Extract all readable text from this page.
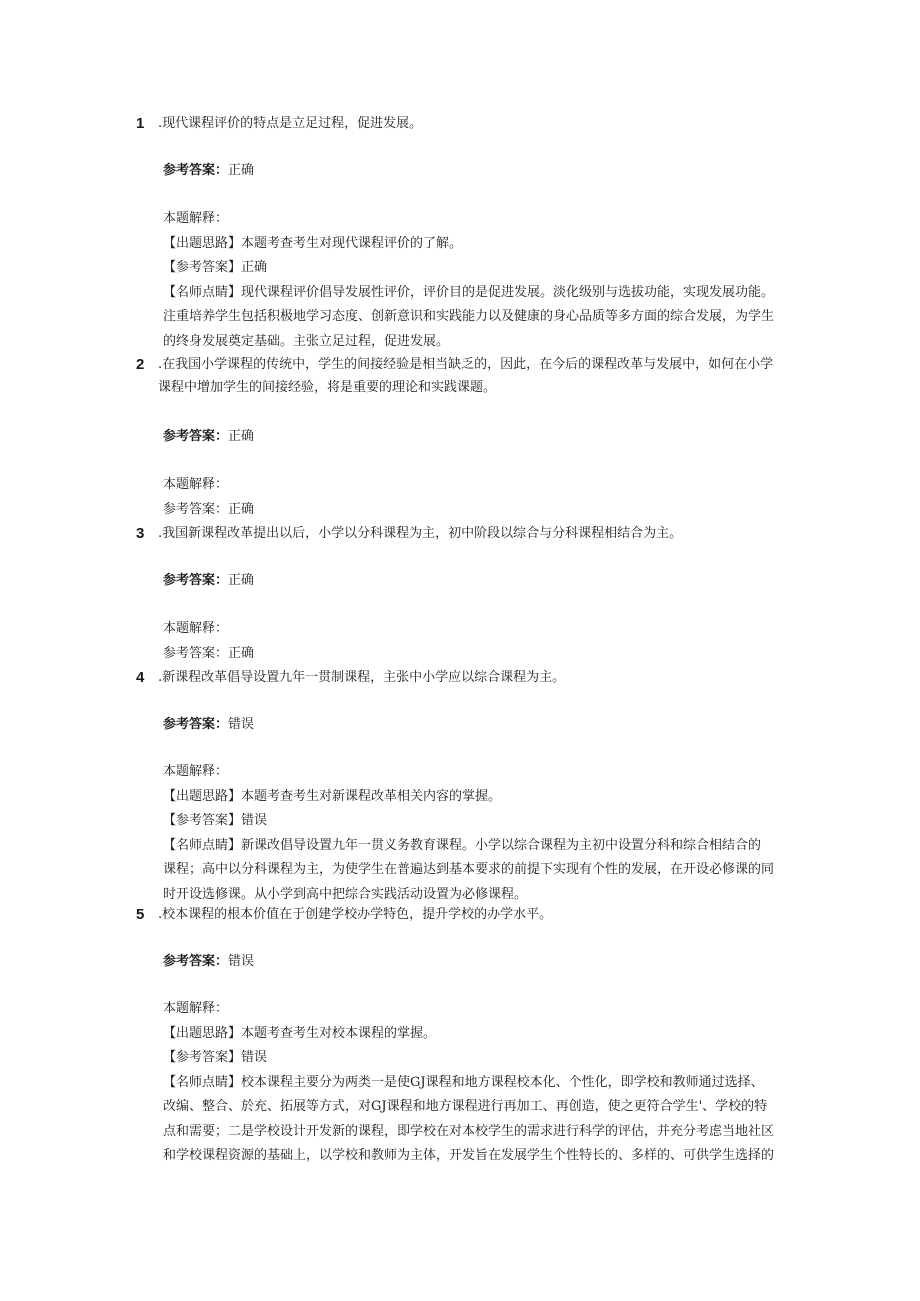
1	.现代课程评价的特点是立足过程，促进发展。
参考答案：正确
本题解释：
【出题思路】本题考查考生对现代课程评价的了解。
【参考答案】正确
【名师点睛】现代课程评价倡导发展性评价，评价目的是促进发展。淡化级别与选拔功能，实现发展功能。
注重培养学生包括积极地学习态度、创新意识和实践能力以及健康的身心品质等多方面的综合发展，为学生
的终身发展奠定基础。主张立足过程，促进发展。
2	.在我国小学课程的传统中，学生的间接经验是相当缺乏的，因此，在今后的课程改革与发展中，如何在小学
课程中增加学生的间接经验，将是重要的理论和实践课题。
参考答案：正确
本题解释：
参考答案：正确
3	.我国新课程改革提出以后，小学以分科课程为主，初中阶段以综合与分科课程相结合为主。
参考答案：正确
本题解释：
参考答案：正确
4	.新课程改革倡导设置九年一贯制课程，主张中小学应以综合课程为主。
参考答案：错误
本题解释：
【出题思路】本题考查考生对新课程改革相关内容的掌握。
【参考答案】错误
【名师点睛】新课改倡导设置九年一贯义务教育课程。小学以综合课程为主初中设置分科和综合相结合的
课程；高中以分科课程为主，为使学生在普遍达到基本要求的前提下实现有个性的发展，在开设必修课的同
时开设选修课。从小学到高中把综合实践活动设置为必修课程。
5	.校本课程的根本价值在于创建学校办学特色，提升学校的办学水平。
参考答案：错误
本题解释：
【出题思路】本题考查考生对校本课程的掌握。
【参考答案】错误
【名师点睛】校本课程主要分为两类一是使GJ课程和地方课程校本化、个性化，即学校和教师通过选择、
改编、整合、於充、拓展等方式，对GJ课程和地方课程进行再加工、再创造，使之更符合学生'、学校的特
点和需要；二是学校设计开发新的课程，即学校在对本校学生的需求进行科学的评估，并充分考虑当地社区
和学校课程资源的基础上，以学校和教师为主体，开发旨在发展学生个性特长的、多样的、可供学生选择的
